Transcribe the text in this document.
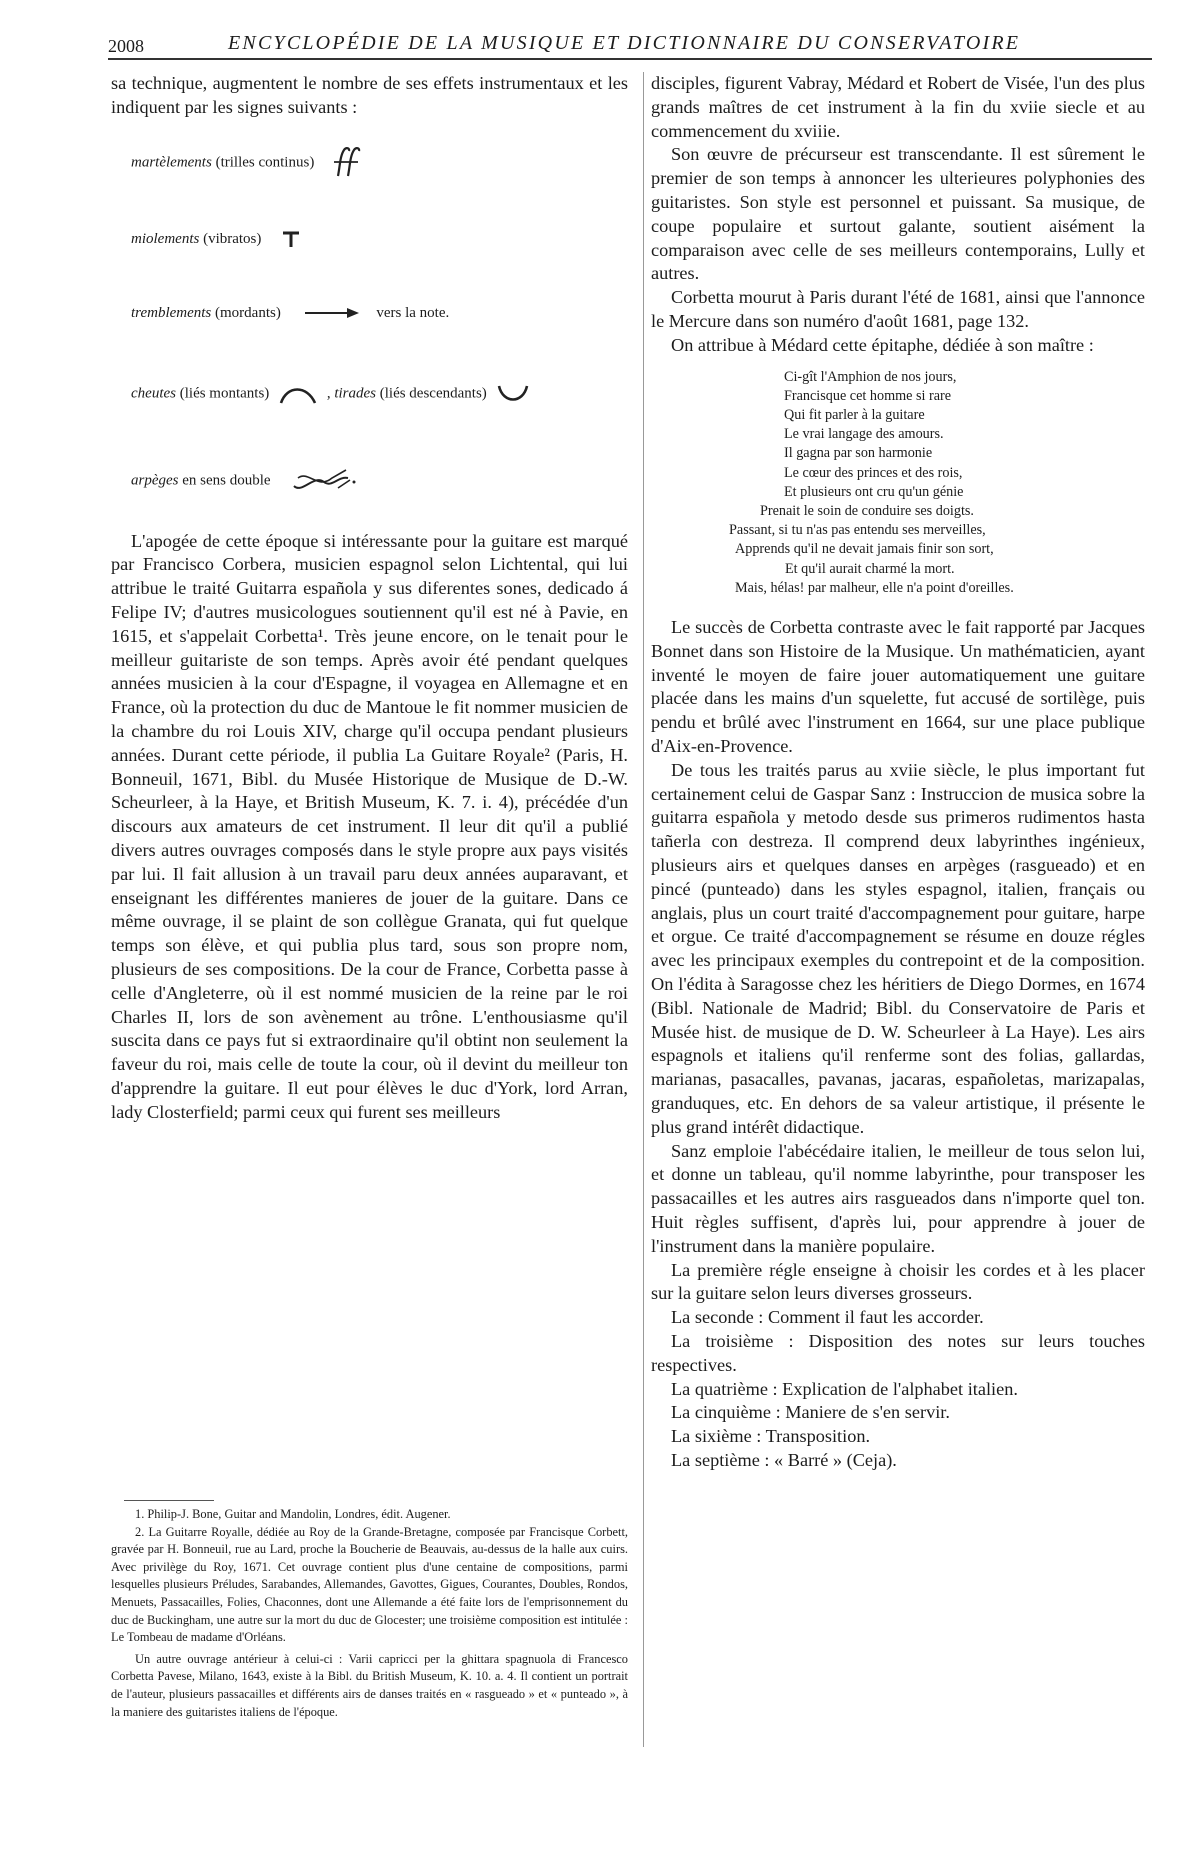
2008	ENCYCLOPÉDIE DE LA MUSIQUE ET DICTIONNAIRE DU CONSERVATOIRE

sa technique, augmentent le nombre de ses effets instrumentaux et les indiquent par les signes suivants :

martèlements (trilles continus)
miolements (vibratos)
tremblements (mordants)	vers la note.
cheutes (liés montants)	, tirades (liés descendants)
arpèges en sens double

L'apogée de cette époque si intéressante pour la guitare est marqué par Francisco Corbera, musicien espagnol selon Lichtental, qui lui attribue le traité Guitarra española y sus diferentes sones, dedicado á Felipe IV; d'autres musicologues soutiennent qu'il est né à Pavie, en 1615, et s'appelait Corbetta¹. Très jeune encore, on le tenait pour le meilleur guitariste de son temps. Après avoir été pendant quelques années musicien à la cour d'Espagne, il voyagea en Allemagne et en France, où la protection du duc de Mantoue le fit nommer musicien de la chambre du roi Louis XIV, charge qu'il occupa pendant plusieurs années. Durant cette période, il publia La Guitare Royale² (Paris, H. Bonneuil, 1671, Bibl. du Musée Historique de Musique de D.-W. Scheurleer, à la Haye, et British Museum, K. 7. i. 4), précédée d'un discours aux amateurs de cet instrument. Il leur dit qu'il a publié divers autres ouvrages composés dans le style propre aux pays visités par lui. Il fait allusion à un travail paru deux années auparavant, et enseignant les différentes manieres de jouer de la guitare. Dans ce même ouvrage, il se plaint de son collègue Granata, qui fut quelque temps son élève, et qui publia plus tard, sous son propre nom, plusieurs de ses compositions. De la cour de France, Corbetta passe à celle d'Angleterre, où il est nommé musicien de la reine par le roi Charles II, lors de son avènement au trône. L'enthousiasme qu'il suscita dans ce pays fut si extraordinaire qu'il obtint non seulement la faveur du roi, mais celle de toute la cour, où il devint du meilleur ton d'apprendre la guitare. Il eut pour élèves le duc d'York, lord Arran, lady Closterfield; parmi ceux qui furent ses meilleurs

1. Philip-J. Bone, Guitar and Mandolin, Londres, édit. Augener.

2. La Guitarre Royalle, dédiée au Roy de la Grande-Bretagne, composée par Francisque Corbett, gravée par H. Bonneuil, rue au Lard, proche la Boucherie de Beauvais, au-dessus de la halle aux cuirs. Avec privilège du Roy, 1671. Cet ouvrage contient plus d'une centaine de compositions, parmi lesquelles plusieurs Préludes, Sarabandes, Allemandes, Gavottes, Gigues, Courantes, Doubles, Rondos, Menuets, Passacailles, Folies, Chaconnes, dont une Allemande a été faite lors de l'emprisonnement du duc de Buckingham, une autre sur la mort du duc de Glocester; une troisième composition est intitulée : Le Tombeau de madame d'Orléans.

Un autre ouvrage antérieur à celui-ci : Varii capricci per la ghittara spagnuola di Francesco Corbetta Pavese, Milano, 1643, existe à la Bibl. du British Museum, K. 10. a. 4. Il contient un portrait de l'auteur, plusieurs passacailles et différents airs de danses traités en « rasgueado » et « punteado », à la maniere des guitaristes italiens de l'époque.

disciples, figurent Vabray, Médard et Robert de Visée, l'un des plus grands maîtres de cet instrument à la fin du xviie siecle et au commencement du xviiie.

Son œuvre de précurseur est transcendante. Il est sûrement le premier de son temps à annoncer les ulterieures polyphonies des guitaristes. Son style est personnel et puissant. Sa musique, de coupe populaire et surtout galante, soutient aisément la comparaison avec celle de ses meilleurs contemporains, Lully et autres.

Corbetta mourut à Paris durant l'été de 1681, ainsi que l'annonce le Mercure dans son numéro d'août 1681, page 132.

On attribue à Médard cette épitaphe, dédiée à son maître :

Ci-gît l'Amphion de nos jours,
Francisque cet homme si rare
Qui fit parler à la guitare
Le vrai langage des amours.
Il gagna par son harmonie
Le cœur des princes et des rois,
Et plusieurs ont cru qu'un génie
Prenait le soin de conduire ses doigts.
Passant, si tu n'as pas entendu ses merveilles,
Apprends qu'il ne devait jamais finir son sort,
Et qu'il aurait charmé la mort.
Mais, hélas! par malheur, elle n'a point d'oreilles.

Le succès de Corbetta contraste avec le fait rapporté par Jacques Bonnet dans son Histoire de la Musique. Un mathématicien, ayant inventé le moyen de faire jouer automatiquement une guitare placée dans les mains d'un squelette, fut accusé de sortilège, puis pendu et brûlé avec l'instrument en 1664, sur une place publique d'Aix-en-Provence.

De tous les traités parus au xviie siècle, le plus important fut certainement celui de Gaspar Sanz : Instruccion de musica sobre la guitarra española y metodo desde sus primeros rudimentos hasta tañerla con destreza. Il comprend deux labyrinthes ingénieux, plusieurs airs et quelques danses en arpèges (rasgueado) et en pincé (punteado) dans les styles espagnol, italien, français ou anglais, plus un court traité d'accompagnement pour guitare, harpe et orgue. Ce traité d'accompagnement se résume en douze régles avec les principaux exemples du contrepoint et de la composition. On l'édita à Saragosse chez les héritiers de Diego Dormes, en 1674 (Bibl. Nationale de Madrid; Bibl. du Conservatoire de Paris et Musée hist. de musique de D. W. Scheurleer à La Haye). Les airs espagnols et italiens qu'il renferme sont des folias, gallardas, marianas, pasacalles, pavanas, jacaras, españoletas, marizapalas, granduques, etc. En dehors de sa valeur artistique, il présente le plus grand intérêt didactique.

Sanz emploie l'abécédaire italien, le meilleur de tous selon lui, et donne un tableau, qu'il nomme labyrinthe, pour transposer les passacailles et les autres airs rasgueados dans n'importe quel ton. Huit règles suffisent, d'après lui, pour apprendre à jouer de l'instrument dans la manière populaire.

La première régle enseigne à choisir les cordes et à les placer sur la guitare selon leurs diverses grosseurs.

La seconde : Comment il faut les accorder.

La troisième : Disposition des notes sur leurs touches respectives.

La quatrième : Explication de l'alphabet italien.

La cinquième : Maniere de s'en servir.

La sixième : Transposition.

La septième : « Barré » (Ceja).
